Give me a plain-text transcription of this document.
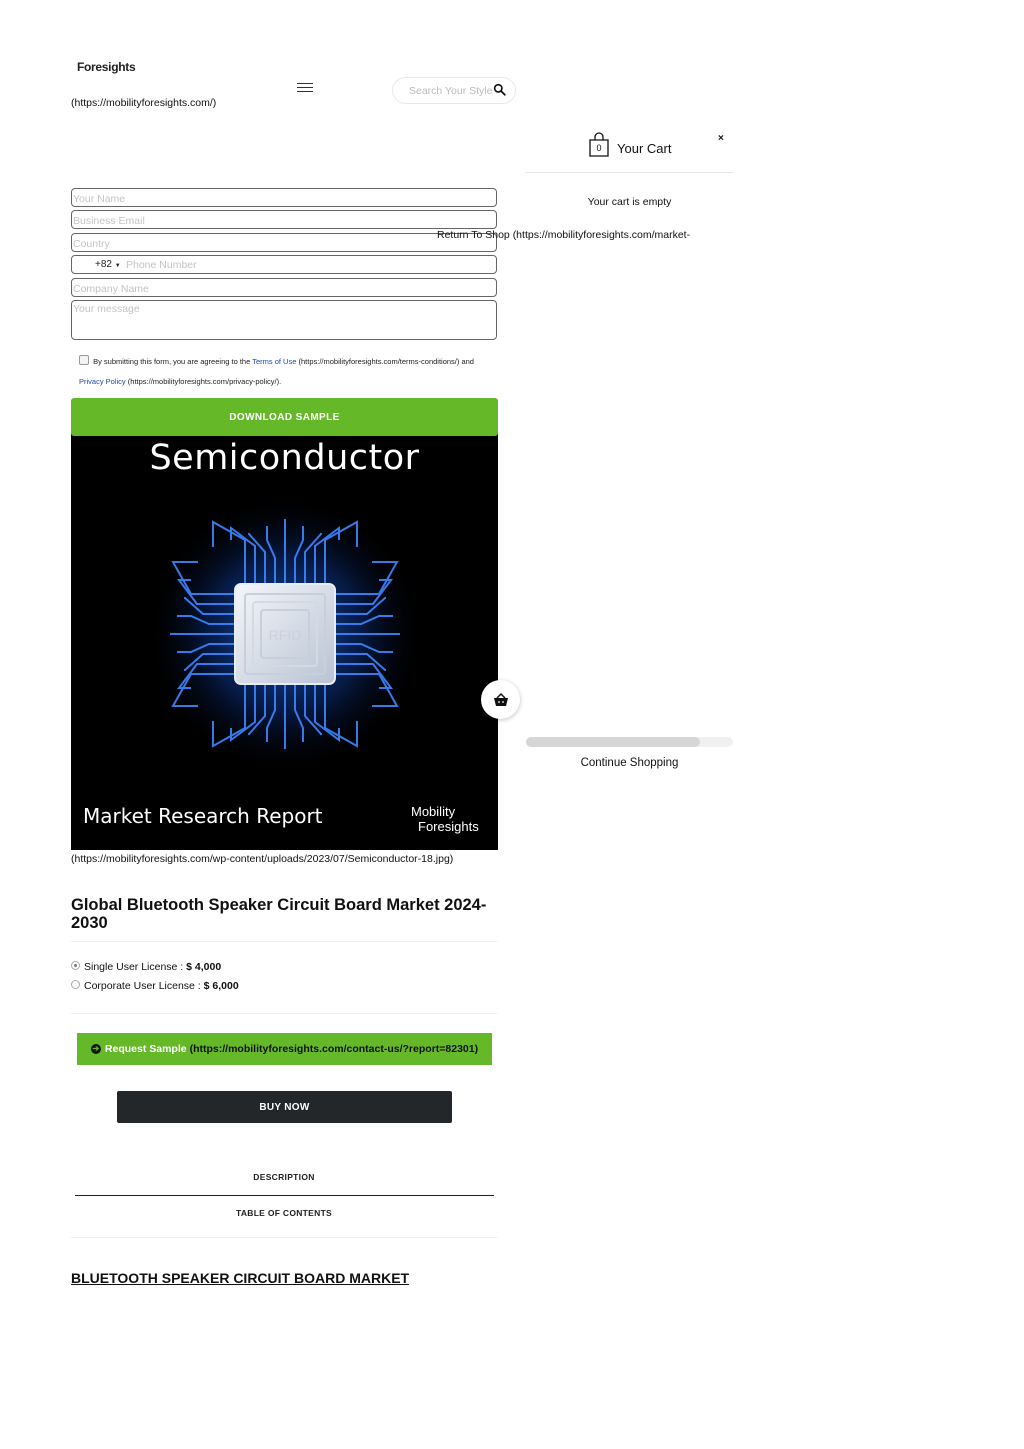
Foresights
(https://mobilityforesights.com/)
Search Your Style
Your Name
Business Email
Country
+82 ▼
Phone Number
Company Name
Your message
By submitting this form, you are agreeing to the Terms of Use (https://mobilityforesights.com/terms-conditions/) and
Privacy Policy (https://mobilityforesights.com/privacy-policy/).
Semiconductor
RFID
Market Research Report	Mobility
Foresights
DOWNLOAD SAMPLE
(https://mobilityforesights.com/wp-content/uploads/2023/07/Semiconductor-18.jpg)
Global Bluetooth Speaker Circuit Board Market 2024-2030
Single User License : $ 4,000
Corporate User License : $ 6,000
➔ Request Sample (https://mobilityforesights.com/contact-us/?report=82301)
BUY NOW
DESCRIPTION
TABLE OF CONTENTS
BLUETOOTH SPEAKER CIRCUIT BOARD MARKET
0	Your Cart
×
Your cart is empty
Return To Shop (https://mobilityforesights.com/market-
Continue Shopping
